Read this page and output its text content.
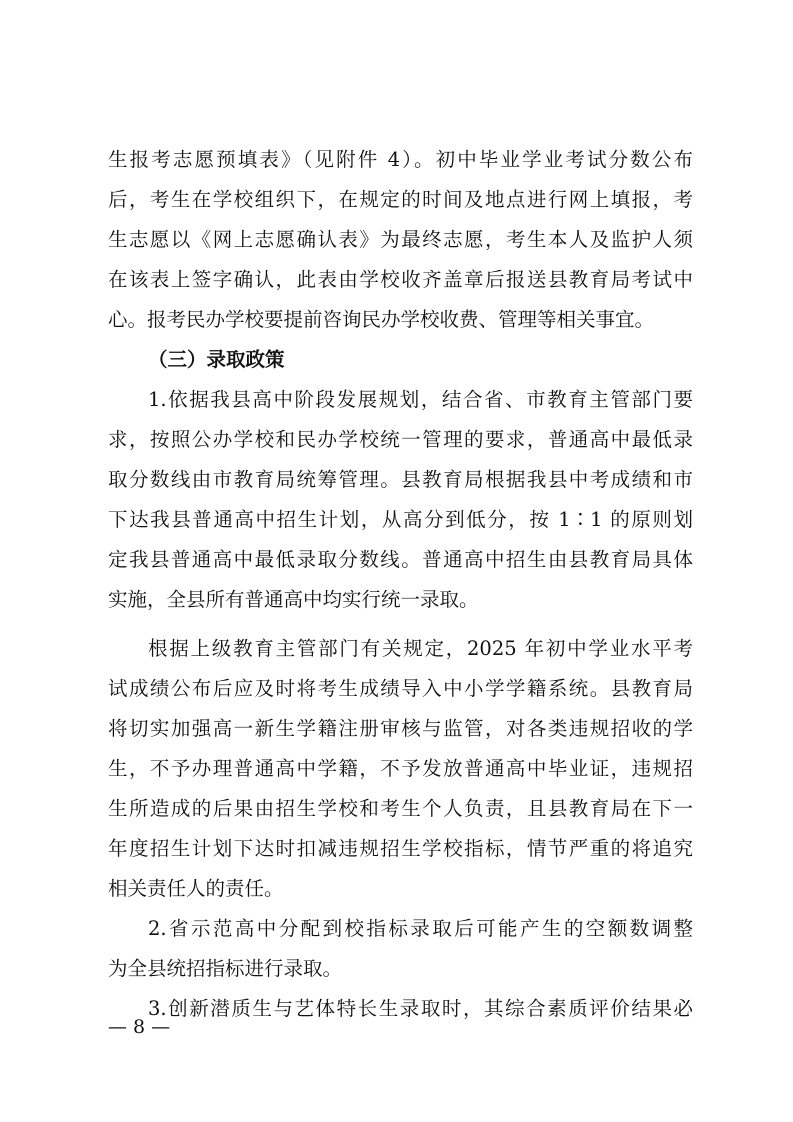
生报考志愿预填表》（见附件 4）。初中毕业学业考试分数公布
后，考生在学校组织下，在规定的时间及地点进行网上填报，考
生志愿以《网上志愿确认表》为最终志愿，考生本人及监护人须
在该表上签字确认，此表由学校收齐盖章后报送县教育局考试中
心。报考民办学校要提前咨询民办学校收费、管理等相关事宜。
（三）录取政策
1.依据我县高中阶段发展规划，结合省、市教育主管部门要
求，按照公办学校和民办学校统一管理的要求，普通高中最低录
取分数线由市教育局统筹管理。县教育局根据我县中考成绩和市
下达我县普通高中招生计划，从高分到低分，按 1∶1 的原则划
定我县普通高中最低录取分数线。普通高中招生由县教育局具体
实施，全县所有普通高中均实行统一录取。
根据上级教育主管部门有关规定，2025 年初中学业水平考
试成绩公布后应及时将考生成绩导入中小学学籍系统。县教育局
将切实加强高一新生学籍注册审核与监管，对各类违规招收的学
生，不予办理普通高中学籍，不予发放普通高中毕业证，违规招
生所造成的后果由招生学校和考生个人负责，且县教育局在下一
年度招生计划下达时扣减违规招生学校指标，情节严重的将追究
相关责任人的责任。
2.省示范高中分配到校指标录取后可能产生的空额数调整
为全县统招指标进行录取。
3.创新潜质生与艺体特长生录取时，其综合素质评价结果必
— 8 —
